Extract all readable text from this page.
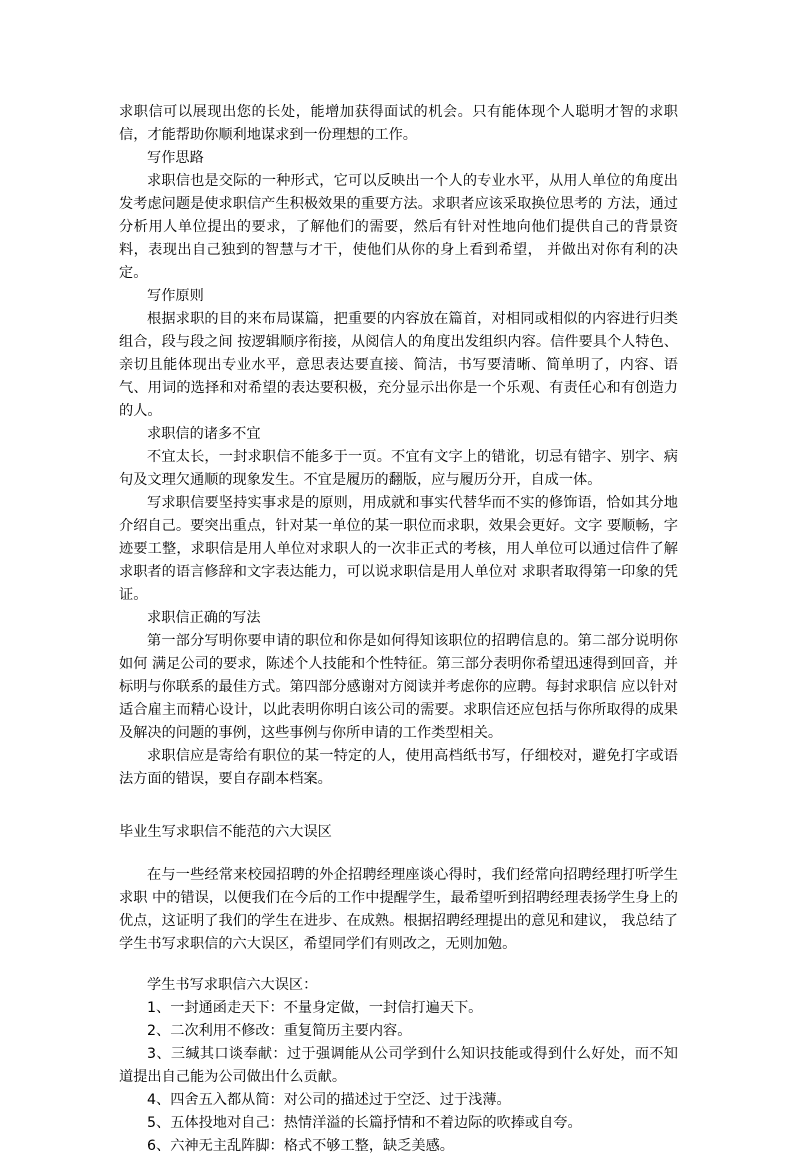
求职信可以展现出您的长处，能增加获得面试的机会。只有能体现个人聪明才智的求职信，才能帮助你顺利地谋求到一份理想的工作。

写作思路

求职信也是交际的一种形式，它可以反映出一个人的专业水平，从用人单位的角度出发考虑问题是使求职信产生积极效果的重要方法。求职者应该采取换位思考的 方法，通过分析用人单位提出的要求，了解他们的需要，然后有针对性地向他们提供自己的背景资料，表现出自己独到的智慧与才干，使他们从你的身上看到希望， 并做出对你有利的决定。

写作原则

根据求职的目的来布局谋篇，把重要的内容放在篇首，对相同或相似的内容进行归类组合，段与段之间 按逻辑顺序衔接，从阅信人的角度出发组织内容。信件要具个人特色、亲切且能体现出专业水平，意思表达要直接、简洁，书写要清晰、简单明了，内容、语气、用词的选择和对希望的表达要积极，充分显示出你是一个乐观、有责任心和有创造力的人。

求职信的诸多不宜

不宜太长，一封求职信不能多于一页。不宜有文字上的错讹，切忌有错字、别字、病句及文理欠通顺的现象发生。不宜是履历的翻版，应与履历分开，自成一体。

写求职信要坚持实事求是的原则，用成就和事实代替华而不实的修饰语，恰如其分地介绍自己。要突出重点，针对某一单位的某一职位而求职，效果会更好。文字 要顺畅，字迹要工整，求职信是用人单位对求职人的一次非正式的考核，用人单位可以通过信件了解求职者的语言修辞和文字表达能力，可以说求职信是用人单位对 求职者取得第一印象的凭证。

求职信正确的写法

第一部分写明你要申请的职位和你是如何得知该职位的招聘信息的。第二部分说明你如何 满足公司的要求，陈述个人技能和个性特征。第三部分表明你希望迅速得到回音，并标明与你联系的最佳方式。第四部分感谢对方阅读并考虑你的应聘。每封求职信 应以针对适合雇主而精心设计，以此表明你明白该公司的需要。求职信还应包括与你所取得的成果及解决的问题的事例，这些事例与你所申请的工作类型相关。

求职信应是寄给有职位的某一特定的人，使用高档纸书写，仔细校对，避免打字或语法方面的错误，要自存副本档案。

毕业生写求职信不能范的六大误区

在与一些经常来校园招聘的外企招聘经理座谈心得时，我们经常向招聘经理打听学生求职 中的错误，以便我们在今后的工作中提醒学生，最希望听到招聘经理表扬学生身上的优点，这证明了我们的学生在进步、在成熟。根据招聘经理提出的意见和建议， 我总结了学生书写求职信的六大误区，希望同学们有则改之，无则加勉。

学生书写求职信六大误区：

1、一封通函走天下：不量身定做，一封信打遍天下。

2、二次利用不修改：重复简历主要内容。

3、三缄其口谈奉献：过于强调能从公司学到什么知识技能或得到什么好处，而不知道提出自己能为公司做出什么贡献。

4、四舍五入都从简：对公司的描述过于空泛、过于浅薄。

5、五体投地对自己：热情洋溢的长篇抒情和不着边际的吹捧或自夸。

6、六神无主乱阵脚：格式不够工整，缺乏美感。
